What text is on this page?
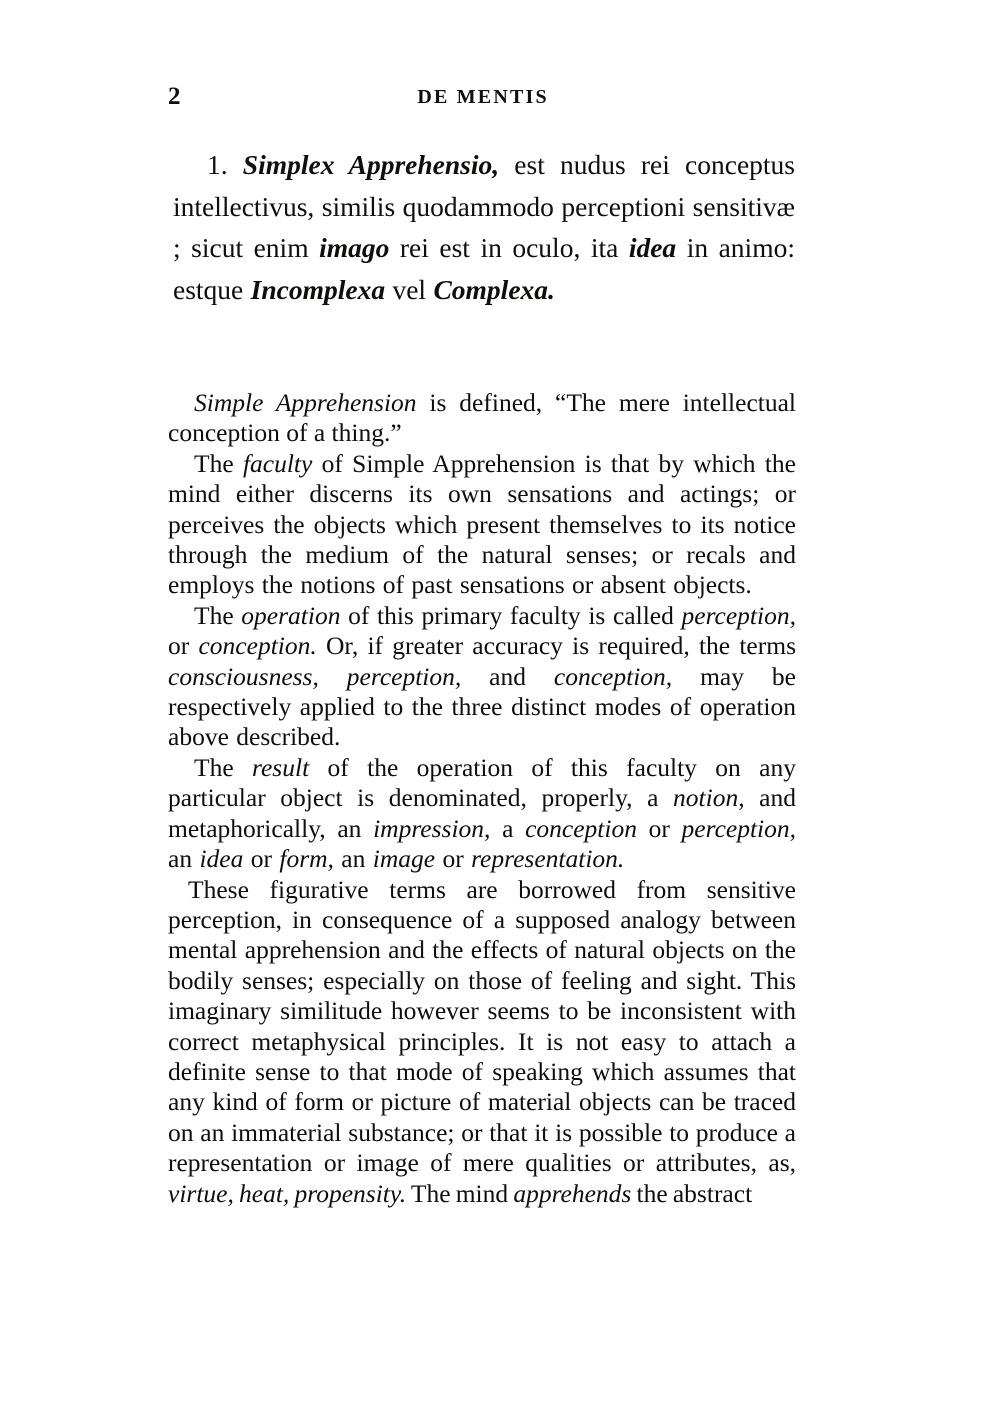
2	DE MENTIS
1. Simplex Apprehensio, est nudus rei conceptus intellectivus, similis quodammodo perceptioni sensitivæ ; sicut enim imago rei est in oculo, ita idea in animo: estque Incomplexa vel Complexa.

Simple Apprehension is defined, “The mere intellectual conception of a thing.”

The faculty of Simple Apprehension is that by which the mind either discerns its own sensations and actings; or perceives the objects which present themselves to its notice through the medium of the natural senses; or recals and employs the notions of past sensations or absent objects.

The operation of this primary faculty is called perception, or conception. Or, if greater accuracy is required, the terms consciousness, perception, and conception, may be respectively applied to the three distinct modes of operation above described.

The result of the operation of this faculty on any particular object is denominated, properly, a notion, and metaphorically, an impression, a conception or perception, an idea or form, an image or representation.

These figurative terms are borrowed from sensitive perception, in consequence of a supposed analogy between mental apprehension and the effects of natural objects on the bodily senses; especially on those of feeling and sight. This imaginary similitude however seems to be inconsistent with correct metaphysical principles. It is not easy to attach a definite sense to that mode of speaking which assumes that any kind of form or picture of material objects can be traced on an immaterial substance; or that it is possible to produce a representation or image of mere qualities or attributes, as, virtue, heat, propensity. The mind apprehends the abstract
